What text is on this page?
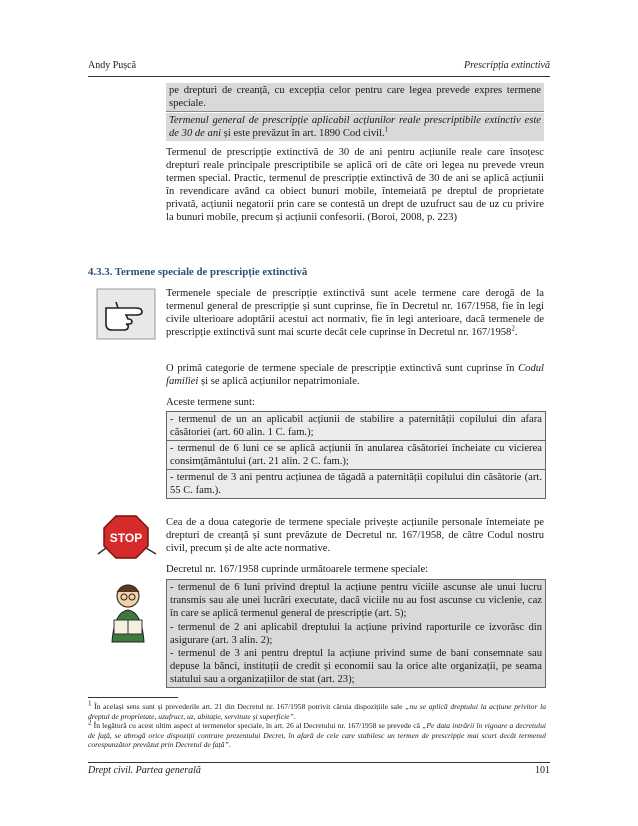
Andy Pușcă	Prescripția extinctivă
pe drepturi de creanță, cu excepția celor pentru care legea prevede expres termene speciale.
Termenul general de prescripție aplicabil acțiunilor reale prescriptibile extinctiv este de 30 de ani și este prevăzut în art. 1890 Cod civil.$^1$
Termenul de prescripție extinctivă de 30 de ani pentru acțiunile reale care însoțesc drepturi reale principale prescriptibile se aplică ori de câte ori legea nu prevede vreun termen special. Practic, termenul de prescripție extinctivă de 30 de ani se aplică acțiunii în revendicare având ca obiect bunuri mobile, întemeiată pe dreptul de proprietate privată, acțiunii negatorii prin care se contestă un drept de uzufruct sau de uz cu privire la bunuri mobile, precum și acțiunii confesorii. (Boroi, 2008, p. 223)
4.3.3. Termene speciale de prescripție extinctivă
Termenele speciale de prescripție extinctivă sunt acele termene care derogă de la termenul general de prescripție și sunt cuprinse, fie în Decretul nr. 167/1958, fie în legi civile ulterioare adoptării acestui act normativ, fie în legi anterioare, dacă termenele de prescripție extinctivă sunt mai scurte decât cele cuprinse în Decretul nr. 167/1958$^2$.
O primă categorie de termene speciale de prescripție extinctivă sunt cuprinse în Codul familiei și se aplică acțiunilor nepatrimoniale.
Aceste termene sunt:
- termenul de un an aplicabil acțiunii de stabilire a paternității copilului din afara căsătoriei (art. 60 alin. 1 C. fam.);
- termenul de 6 luni ce se aplică acțiunii în anularea căsătoriei încheiate cu vicierea consimțământului (art. 21 alin. 2 C. fam.);
- termenul de 3 ani pentru acțiunea de tăgadă a paternității copilului din căsătorie (art. 55 C. fam.).
STOP
Cea de a doua categorie de termene speciale privește acțiunile personale întemeiate pe drepturi de creanță și sunt prevăzute de Decretul nr. 167/1958, de către Codul nostru civil, precum și de alte acte normative.
Decretul nr. 167/1958 cuprinde următoarele termene speciale:
- termenul de 6 luni privind dreptul la acțiune pentru viciile ascunse ale unui lucru transmis sau ale unei lucrări executate, dacă viciile nu au fost ascunse cu viclenie, caz în care se aplică termenul general de prescripție (art. 5);
- termenul de 2 ani aplicabil dreptului la acțiune privind raporturile ce izvorăsc din asigurare (art. 3 alin. 2);
- termenul de 3 ani pentru dreptul la acțiune privind sume de bani consemnate sau depuse la bănci, instituții de credit și economii sau la orice alte organizații, pe seama statului sau a organizațiilor de stat (art. 23);
$^1$ În același sens sunt și prevederile art. 21 din Decretul nr. 167/1958 potrivit căruia dispozițiile sale „nu se aplică dreptului la acțiune privitor la dreptul de proprietate, uzufruct, uz, abitație, servitute și superficie”.
$^2$ În legătură cu acest ultim aspect al termenelor speciale, în art. 26 al Decretului nr. 167/1958 se prevede că „Pe data intrării în vigoare a decretului de față, se abrogă orice dispoziții contrare prezentului Decret, în afară de cele care stabilesc un termen de prescripție mai scurt decât termenul corespunzător prevăzut prin Decretul de față”.
Drept civil. Partea generală	101
